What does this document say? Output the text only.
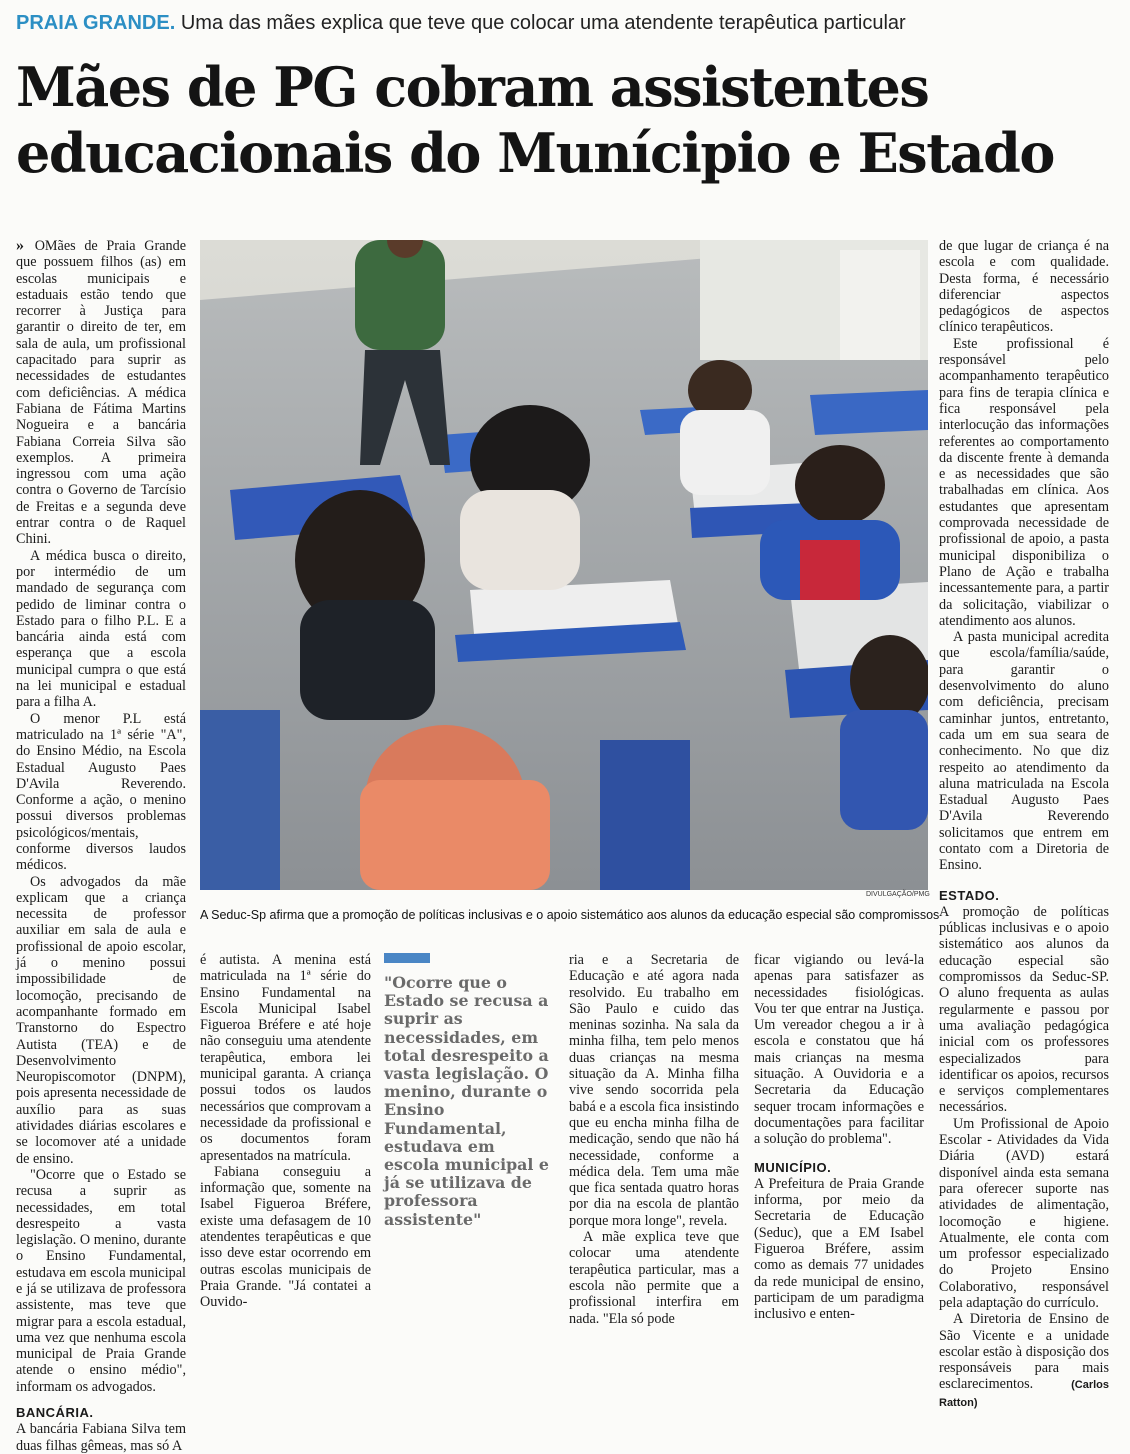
PRAIA GRANDE. Uma das mães explica que teve que colocar uma atendente terapêutica particular
Mães de PG cobram assistentes educacionais do Munícipio e Estado

» OMães de Praia Grande que possuem filhos (as) em escolas municipais e estaduais estão tendo que recorrer à Justiça para garantir o direito de ter, em sala de aula, um profissional capacitado para suprir as necessidades de estudantes com deficiências. A médica Fabiana de Fátima Martins Nogueira e a bancária Fabiana Correia Silva são exemplos. A primeira ingressou com uma ação contra o Governo de Tarcísio de Freitas e a segunda deve entrar contra o de Raquel Chini.

A médica busca o direito, por intermédio de um mandado de segurança com pedido de liminar contra o Estado para o filho P.L. E a bancária ainda está com esperança que a escola municipal cumpra o que está na lei municipal e estadual para a filha A.

O menor P.L está matriculado na 1ª série "A", do Ensino Médio, na Escola Estadual Augusto Paes D'Avila Reverendo. Conforme a ação, o menino possui diversos problemas psicológicos/mentais, conforme diversos laudos médicos.

Os advogados da mãe explicam que a criança necessita de professor auxiliar em sala de aula e profissional de apoio escolar, já o menino possui impossibilidade de locomoção, precisando de acompanhante formado em Transtorno do Espectro Autista (TEA) e de Desenvolvimento Neuropiscomotor (DNPM), pois apresenta necessidade de auxílio para as suas atividades diárias escolares e se locomover até a unidade de ensino.

"Ocorre que o Estado se recusa a suprir as necessidades, em total desrespeito a vasta legislação. O menino, durante o Ensino Fundamental, estudava em escola municipal e já se utilizava de professora assistente, mas teve que migrar para a escola estadual, uma vez que nenhuma escola municipal de Praia Grande atende o ensino médio", informam os advogados.

BANCÁRIA.

A bancária Fabiana Silva tem duas filhas gêmeas, mas só A

DIVULGAÇÃO/PMG
A Seduc-Sp afirma que a promoção de políticas inclusivas e o apoio sistemático aos alunos da educação especial são compromissos

é autista. A menina está matriculada na 1ª série do Ensino Fundamental na Escola Municipal Isabel Figueroa Bréfere e até hoje não conseguiu uma atendente terapêutica, embora lei municipal garanta. A criança possui todos os laudos necessários que comprovam a necessidade da profissional e os documentos foram apresentados na matrícula.

Fabiana conseguiu a informação que, somente na Isabel Figueroa Bréfere, existe uma defasagem de 10 atendentes terapêuticas e que isso deve estar ocorrendo em outras escolas municipais de Praia Grande. "Já contatei a Ouvido-

"Ocorre que o Estado se recusa a suprir as necessidades, em total desrespeito a vasta legislação. O menino, durante o Ensino Fundamental, estudava em escola municipal e já se utilizava de professora assistente"

ria e a Secretaria de Educação e até agora nada resolvido. Eu trabalho em São Paulo e cuido das meninas sozinha. Na sala da minha filha, tem pelo menos duas crianças na mesma situação da A. Minha filha vive sendo socorrida pela babá e a escola fica insistindo que eu encha minha filha de medicação, sendo que não há necessidade, conforme a médica dela. Tem uma mãe que fica sentada quatro horas por dia na escola de plantão porque mora longe", revela.

A mãe explica teve que colocar uma atendente terapêutica particular, mas a escola não permite que a profissional interfira em nada. "Ela só pode

ficar vigiando ou levá-la apenas para satisfazer as necessidades fisiológicas. Vou ter que entrar na Justiça. Um vereador chegou a ir à escola e constatou que há mais crianças na mesma situação. A Ouvidoria e a Secretaria da Educação sequer trocam informações e documentações para facilitar a solução do problema".

MUNICÍPIO.

A Prefeitura de Praia Grande informa, por meio da Secretaria de Educação (Seduc), que a EM Isabel Figueroa Bréfere, assim como as demais 77 unidades da rede municipal de ensino, participam de um paradigma inclusivo e enten-

de que lugar de criança é na escola e com qualidade. Desta forma, é necessário diferenciar aspectos pedagógicos de aspectos clínico terapêuticos.

Este profissional é responsável pelo acompanhamento terapêutico para fins de terapia clínica e fica responsável pela interlocução das informações referentes ao comportamento da discente frente à demanda e as necessidades que são trabalhadas em clínica. Aos estudantes que apresentam comprovada necessidade de profissional de apoio, a pasta municipal disponibiliza o Plano de Ação e trabalha incessantemente para, a partir da solicitação, viabilizar o atendimento aos alunos.

A pasta municipal acredita que escola/família/saúde, para garantir o desenvolvimento do aluno com deficiência, precisam caminhar juntos, entretanto, cada um em sua seara de conhecimento. No que diz respeito ao atendimento da aluna matriculada na Escola Estadual Augusto Paes D'Avila Reverendo solicitamos que entrem em contato com a Diretoria de Ensino.

ESTADO.

A promoção de políticas públicas inclusivas e o apoio sistemático aos alunos da educação especial são compromissos da Seduc-SP. O aluno frequenta as aulas regularmente e passou por uma avaliação pedagógica inicial com os professores especializados para identificar os apoios, recursos e serviços complementares necessários.

Um Profissional de Apoio Escolar - Atividades da Vida Diária (AVD) estará disponível ainda esta semana para oferecer suporte nas atividades de alimentação, locomoção e higiene. Atualmente, ele conta com um professor especializado do Projeto Ensino Colaborativo, responsável pela adaptação do currículo.

A Diretoria de Ensino de São Vicente e a unidade escolar estão à disposição dos responsáveis para mais esclarecimentos.	(Carlos Ratton)
